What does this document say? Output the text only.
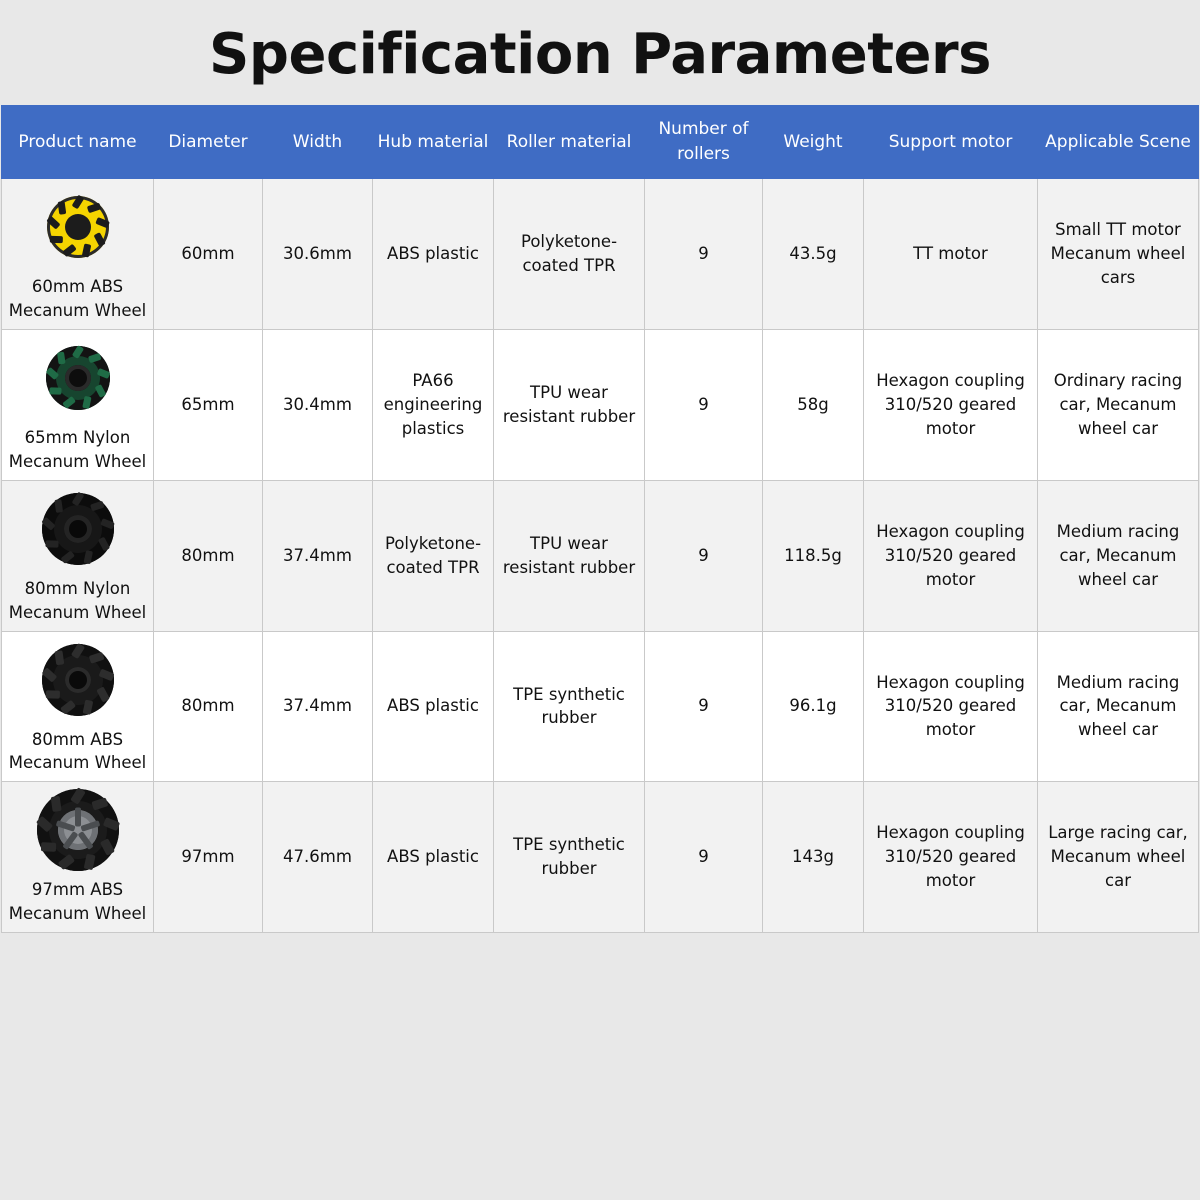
Specification Parameters
Product name	Diameter	Width	Hub material	Roller material	Number of rollers	Weight	Support motor	Applicable Scene

60mm ABS Mecanum Wheel	60mm	30.6mm	ABS plastic	Polyketone-coated TPR	9	43.5g	TT motor	Small TT motor Mecanum wheel cars

65mm Nylon Mecanum Wheel	65mm	30.4mm	PA66 engineering plastics	TPU wear resistant rubber	9	58g	Hexagon coupling 310/520 geared motor	Ordinary racing car, Mecanum wheel car

80mm Nylon Mecanum Wheel	80mm	37.4mm	Polyketone-coated TPR	TPU wear resistant rubber	9	118.5g	Hexagon coupling 310/520 geared motor	Medium racing car, Mecanum wheel car

80mm ABS Mecanum Wheel	80mm	37.4mm	ABS plastic	TPE synthetic rubber	9	96.1g	Hexagon coupling 310/520 geared motor	Medium racing car, Mecanum wheel car

97mm ABS Mecanum Wheel	97mm	47.6mm	ABS plastic	TPE synthetic rubber	9	143g	Hexagon coupling 310/520 geared motor	Large racing car, Mecanum wheel car
